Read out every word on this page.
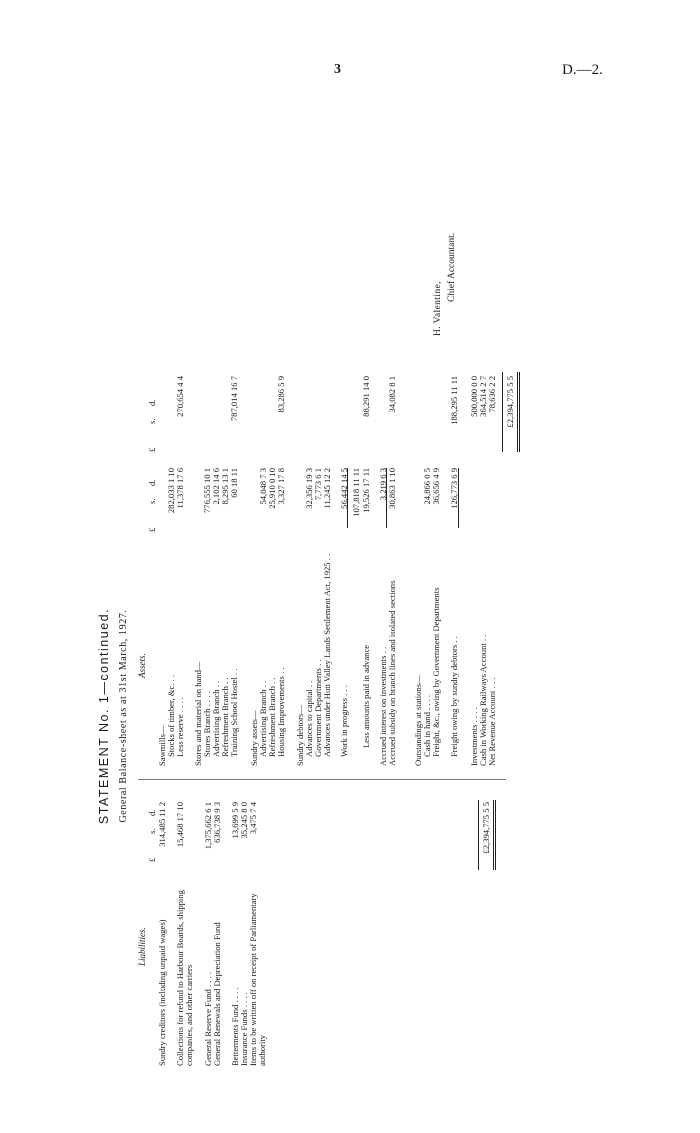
3	D.—2.
STATEMENT No. 1—continued. General Balance-sheet as at 31st March, 1927.
Liabilities.
Assets.
£
s.
d.
£
s.
d.
£
s.
d.
Sundry creditors (including unpaid wages)
314,485 11 2
Collections for refund to Harbour Boards, shipping companies, and other carriers
15,468 17 10
General Reserve Fund . . . .
1,375,662 6 1
General Renewals and Depreciation Fund
636,738 9 3
Betterments Fund . . . .
13,699 5 9
Insurance Funds . . . .
35,245 8 0
Items to be written off on receipt of Parliamentary authority
3,475 7 4	£2,394,775 5 5
Sawmills— Stocks of timber, &c. . .
282,033 1 10
Less reserve . . . .
11,378 17 6
270,654 4 4
Stores and material on hand— Stores Branch . . . .
776,555 10 1
Advertising Branch . .
2,102 14 6
Refreshment Branch . .
8,295 13 1
Training School Hostel . .
60 18 11
787,014 16 7
Sundry assets— Advertising Branch . .
54,048 7 3
Refreshment Branch . .
25,910 0 10
Housing Improvements . .
3,327 17 8
83,286 5 9
Sundry debtors— Advances to capital . .
32,356 19 3
Government Departments . .
7,773 6 1
Advances under Hutt Valley Lands Settlement Act, 1925 . .
11,245 12 2
Work in progress . . .
56,442 14 5 107,818 11 11
Less amounts paid in advance
19,526 17 11
88,291 14 0
Accrued interest on investments . .
3,219 6 3
Accrued subsidy on branch lines and isolated sections
30,863 1 10
34,082 8 1
Outstandings at stations— Cash in hand . . . .
24,866 0 5
Freight, &c., owing by Government Departments
36,656 4 9
Freight owing by sundry debtors . .
126,773 6 9
188,295 11 11
Investments . . . .
500,000 0 0
Cash in Working Railways Account . .
364,514 2 7
Net Revenue Account . . .
78,636 2 2 £2,394,775 5 5
H. Valentine,
Chief Accountant.
